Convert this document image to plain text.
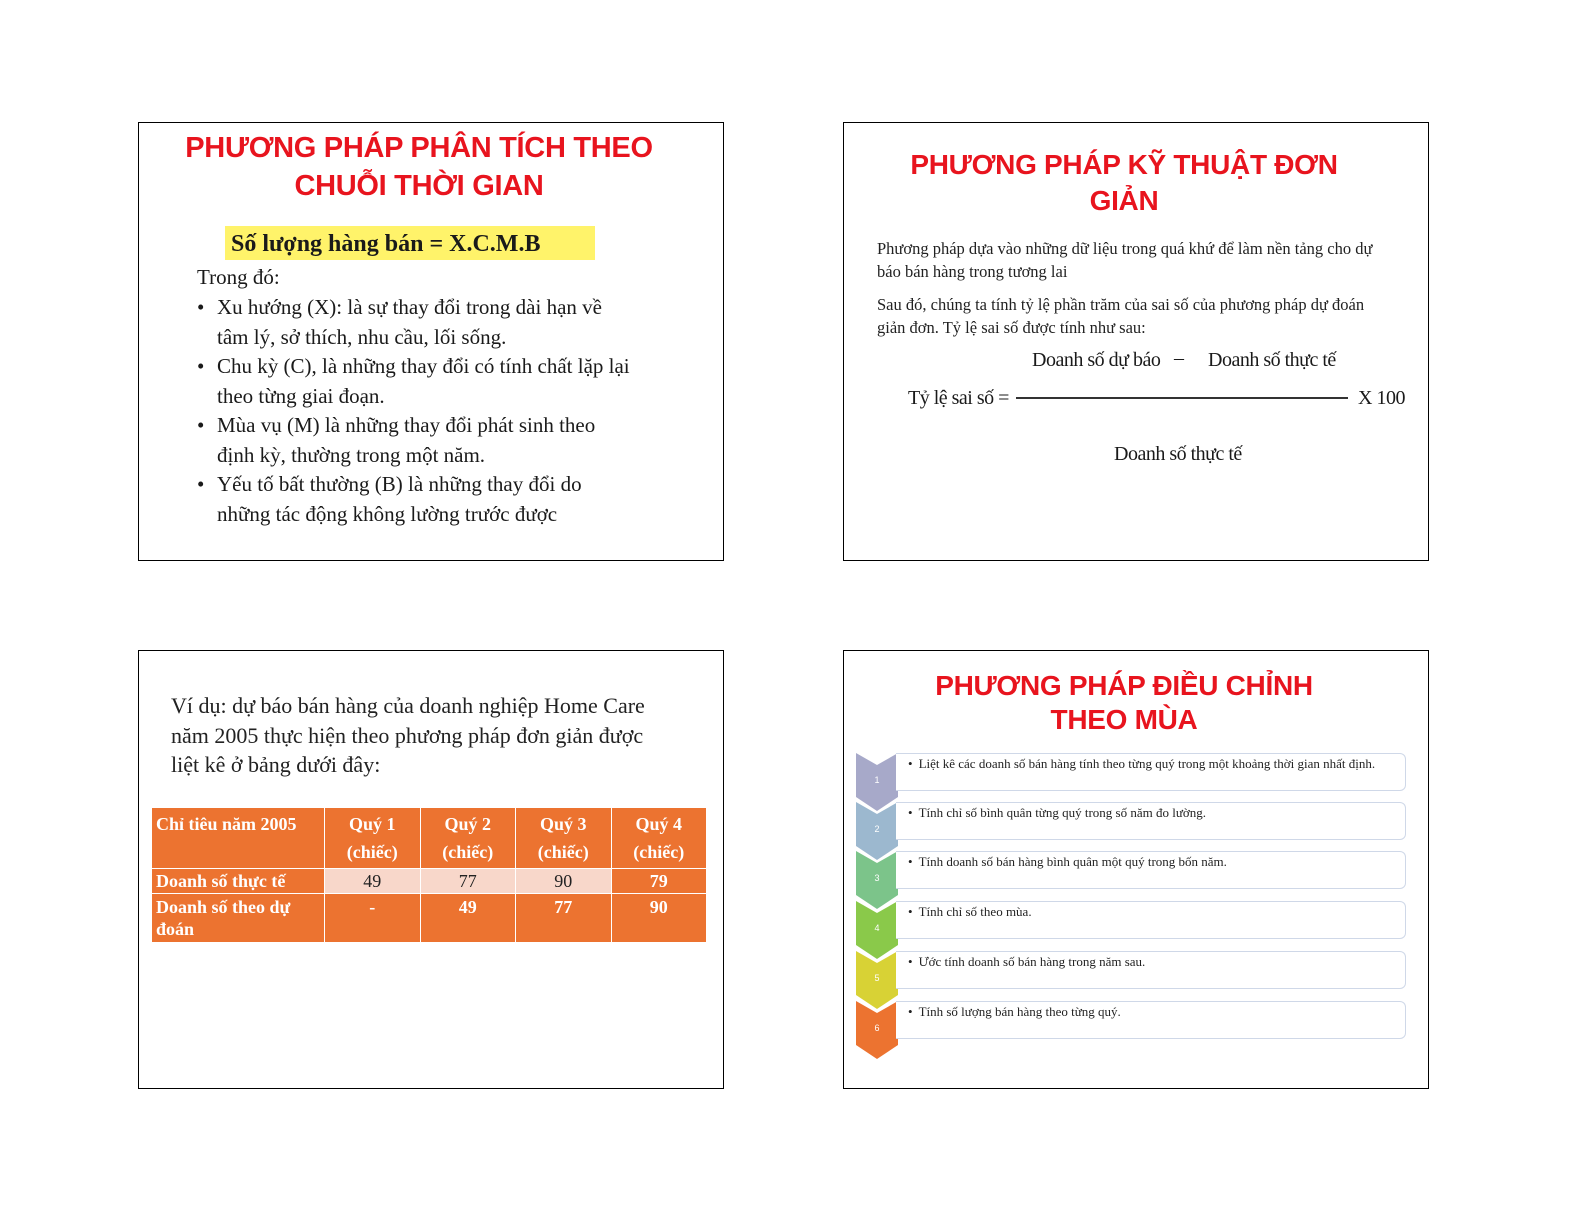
PHƯƠNG PHÁP PHÂN TÍCH THEO
CHUỖI THỜI GIAN
Số lượng hàng bán = X.C.M.B
Trong đó:
• Xu hướng (X): là sự thay đổi trong dài hạn về
tâm lý, sở thích, nhu cầu, lối sống.
• Chu kỳ (C), là những thay đổi có tính chất lặp lại
theo từng giai đoạn.
• Mùa vụ (M) là những thay đổi phát sinh theo
định kỳ, thường trong một năm.
• Yếu tố bất thường (B) là những thay đổi do
những tác động không lường trước được
PHƯƠNG PHÁP KỸ THUẬT ĐƠN
GIẢN
Phương pháp dựa vào những dữ liệu trong quá khứ để làm nền tảng cho dự báo bán hàng trong tương lai
Sau đó, chúng ta tính tỷ lệ phần trăm của sai số của phương pháp dự đoán giản đơn. Tỷ lệ sai số được tính như sau:
Tỷ lệ sai số =
Doanh số dự báo – Doanh số thực tế
Doanh số thực tế
X 100
Ví dụ: dự báo bán hàng của doanh nghiệp Home Care năm 2005 thực hiện theo phương pháp đơn giản được liệt kê ở bảng dưới đây:
Chỉ tiêu năm 2005	Quý 1 (chiếc)	Quý 2 (chiếc)	Quý 3 (chiếc)	Quý 4 (chiếc)
Doanh số thực tế	49	77	90	79
Doanh số theo dự đoán	-	49	77	90
PHƯƠNG PHÁP ĐIỀU CHỈNH
THEO MÙA
1
• Liệt kê các doanh số bán hàng tính theo từng quý trong một khoảng thời gian nhất định.
2
• Tính chỉ số bình quân từng quý trong số năm đo lường.
3
• Tính doanh số bán hàng bình quân một quý trong bốn năm.
4
• Tính chỉ số theo mùa.
5
• Ước tính doanh số bán hàng trong năm sau.
6
• Tính số lượng bán hàng theo từng quý.
